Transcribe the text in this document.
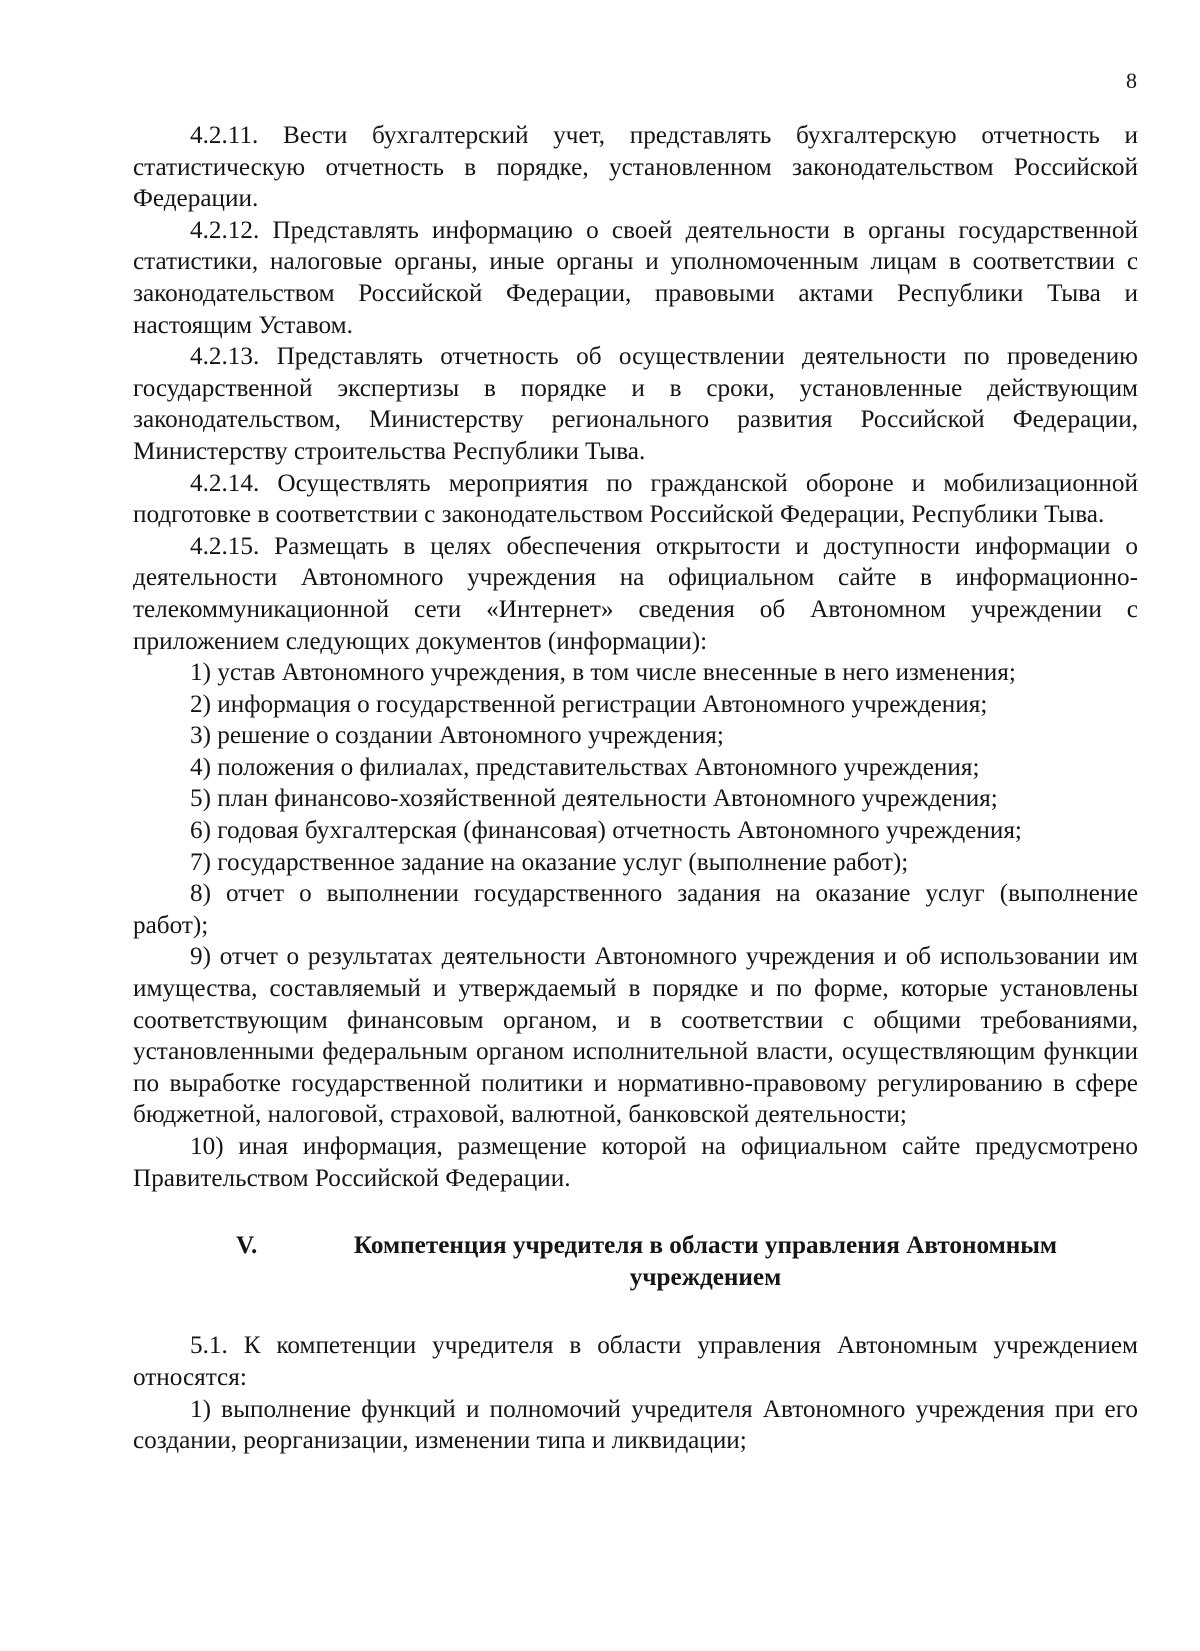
8

4.2.11. Вести бухгалтерский учет, представлять бухгалтерскую отчетность и статистическую отчетность в порядке, установленном законодательством Российской Федерации.

4.2.12. Представлять информацию о своей деятельности в органы государственной статистики, налоговые органы, иные органы и уполномоченным лицам в соответствии с законодательством Российской Федерации, правовыми актами Республики Тыва и настоящим Уставом.

4.2.13. Представлять отчетность об осуществлении деятельности по проведению государственной экспертизы в порядке и в сроки, установленные действующим законодательством, Министерству регионального развития Российской Федерации, Министерству строительства Республики Тыва.

4.2.14. Осуществлять мероприятия по гражданской обороне и мобилизационной подготовке в соответствии с законодательством Российской Федерации, Республики Тыва.

4.2.15. Размещать в целях обеспечения открытости и доступности информации о деятельности Автономного учреждения на официальном сайте в информационно-телекоммуникационной сети «Интернет» сведения об Автономном учреждении с приложением следующих документов (информации):

1) устав Автономного учреждения, в том числе внесенные в него изменения;

2) информация о государственной регистрации Автономного учреждения;

3) решение о создании Автономного учреждения;

4) положения о филиалах, представительствах Автономного учреждения;

5) план финансово-хозяйственной деятельности Автономного учреждения;

6) годовая бухгалтерская (финансовая) отчетность Автономного учреждения;

7) государственное задание на оказание услуг (выполнение работ);

8) отчет о выполнении государственного задания на оказание услуг (выполнение работ);

9) отчет о результатах деятельности Автономного учреждения и об использовании им имущества, составляемый и утверждаемый в порядке и по форме, которые установлены соответствующим финансовым органом, и в соответствии с общими требованиями, установленными федеральным органом исполнительной власти, осуществляющим функции по выработке государственной политики и нормативно-правовому регулированию в сфере бюджетной, налоговой, страховой, валютной, банковской деятельности;

10) иная информация, размещение которой на официальном сайте предусмотрено Правительством Российской Федерации.

V.	Компетенция учредителя в области управления Автономным учреждением

5.1. К компетенции учредителя в области управления Автономным учреждением относятся:

1) выполнение функций и полномочий учредителя Автономного учреждения при его создании, реорганизации, изменении типа и ликвидации;
